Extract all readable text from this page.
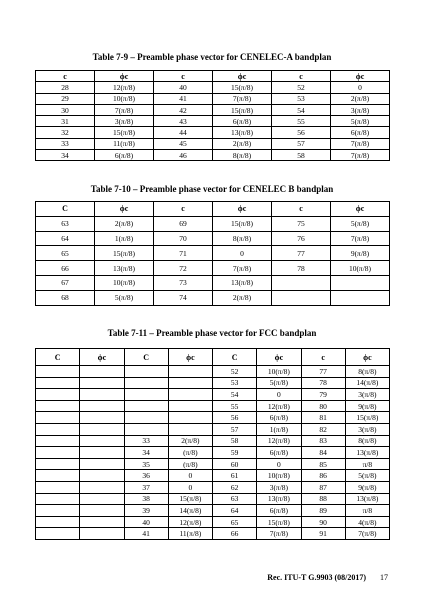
Table 7-9 – Preamble phase vector for CENELEC-A bandplan
c	ϕc	c	ϕc	c	ϕc
28	12(π/8)	40	15(π/8)	52	0
29	10(π/8)	41	7(π/8)	53	2(π/8)
30	7(π/8)	42	15(π/8)	54	3(π/8)
31	3(π/8)	43	6(π/8)	55	5(π/8)
32	15(π/8)	44	13(π/8)	56	6(π/8)
33	11(π/8)	45	2(π/8)	57	7(π/8)
34	6(π/8)	46	8(π/8)	58	7(π/8)
Table 7-10 – Preamble phase vector for CENELEC B bandplan
C	ϕc	c	ϕc	c	ϕc
63	2(π/8)	69	15(π/8)	75	5(π/8)
64	1(π/8)	70	8(π/8)	76	7(π/8)
65	15(π/8)	71	0	77	9(π/8)
66	13(π/8)	72	7(π/8)	78	10(π/8)
67	10(π/8)	73	13(π/8)		
68	5(π/8)	74	2(π/8)		
Table 7-11 – Preamble phase vector for FCC bandplan
C	ϕc	C	ϕc	C	ϕc	c	ϕc
				52	10(π/8)	77	8(π/8)
				53	5(π/8)	78	14(π/8)
				54	0	79	3(π/8)
				55	12(π/8)	80	9(π/8)
				56	6(π/8)	81	15(π/8)
				57	1(π/8)	82	3(π/8)
		33	2(π/8)	58	12(π/8)	83	8(π/8)
		34	(π/8)	59	6(π/8)	84	13(π/8)
		35	(π/8)	60	0	85	π/8
		36	0	61	10(π/8)	86	5(π/8)
		37	0	62	3(π/8)	87	9(π/8)
		38	15(π/8)	63	13(π/8)	88	13(π/8)
		39	14(π/8)	64	6(π/8)	89	π/8
		40	12(π/8)	65	15(π/8)	90	4(π/8)
		41	11(π/8)	66	7(π/8)	91	7(π/8)
Rec. ITU-T G.9903 (08/2017) 17
